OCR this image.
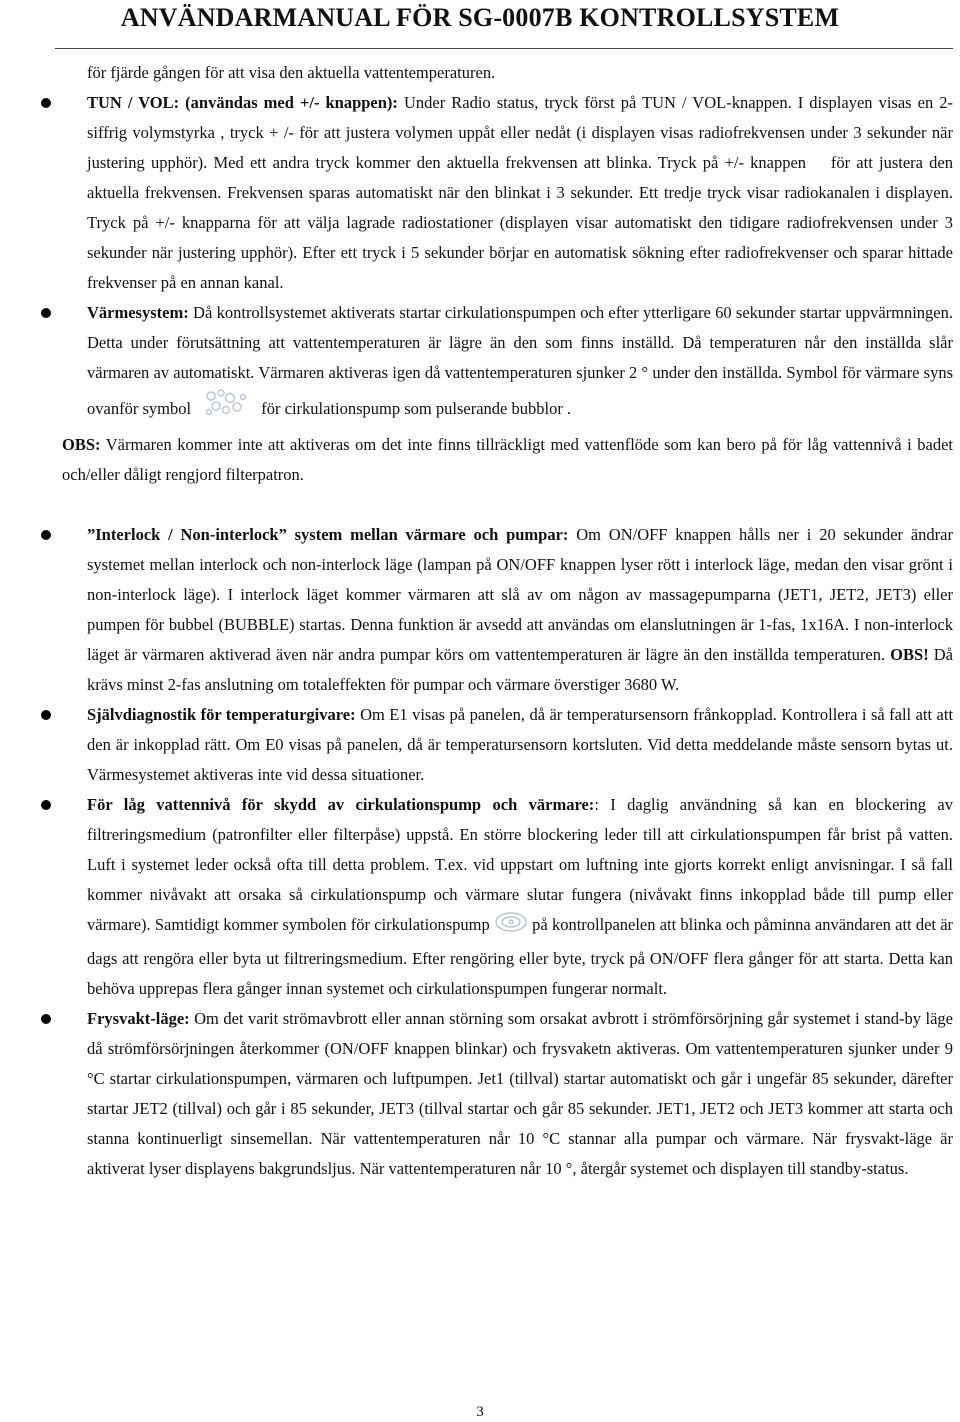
ANVÄNDARMANUAL FÖR SG-0007B KONTROLLSYSTEM

för fjärde gången för att visa den aktuella vattentemperaturen.

TUN / VOL: (användas med +/- knappen): Under Radio status, tryck först på TUN / VOL-knappen. I displayen visas en 2-siffrig volymstyrka , tryck + /- för att justera volymen uppåt eller nedåt (i displayen visas radiofrekvensen under 3 sekunder när justering upphör). Med ett andra tryck kommer den aktuella frekvensen att blinka. Tryck på +/- knappen för att justera den aktuella frekvensen. Frekvensen sparas automatiskt när den blinkat i 3 sekunder. Ett tredje tryck visar radiokanalen i displayen. Tryck på +/- knapparna för att välja lagrade radiostationer (displayen visar automatiskt den tidigare radiofrekvensen under 3 sekunder när justering upphör). Efter ett tryck i 5 sekunder börjar en automatisk sökning efter radiofrekvenser och sparar hittade frekvenser på en annan kanal.

Värmesystem: Då kontrollsystemet aktiverats startar cirkulationspumpen och efter ytterligare 60 sekunder startar uppvärmningen. Detta under förutsättning att vattentemperaturen är lägre än den som finns inställd. Då temperaturen når den inställda slår värmaren av automatiskt. Värmaren aktiveras igen då vattentemperaturen sjunker 2 ° under den inställda. Symbol för värmare syns ovanför symbol	för cirkulationspump som pulserande bubblor .

OBS: Värmaren kommer inte att aktiveras om det inte finns tillräckligt med vattenflöde som kan bero på för låg vattennivå i badet och/eller dåligt rengjord filterpatron.

”Interlock / Non-interlock” system mellan värmare och pumpar: Om ON/OFF knappen hålls ner i 20 sekunder ändrar systemet mellan interlock och non-interlock läge (lampan på ON/OFF knappen lyser rött i interlock läge, medan den visar grönt i non-interlock läge). I interlock läget kommer värmaren att slå av om någon av massagepumparna (JET1, JET2, JET3) eller pumpen för bubbel (BUBBLE) startas. Denna funktion är avsedd att användas om elanslutningen är 1-fas, 1x16A. I non-interlock läget är värmaren aktiverad även när andra pumpar körs om vattentemperaturen är lägre än den inställda temperaturen. OBS! Då krävs minst 2-fas anslutning om totaleffekten för pumpar och värmare överstiger 3680 W.

Självdiagnostik för temperaturgivare: Om E1 visas på panelen, då är temperatursensorn frånkopplad. Kontrollera i så fall att att den är inkopplad rätt. Om E0 visas på panelen, då är temperatursensorn kortsluten. Vid detta meddelande måste sensorn bytas ut. Värmesystemet aktiveras inte vid dessa situationer.

För låg vattennivå för skydd av cirkulationspump och värmare:: I daglig användning så kan en blockering av filtreringsmedium (patronfilter eller filterpåse) uppstå. En större blockering leder till att cirkulationspumpen får brist på vatten. Luft i systemet leder också ofta till detta problem. T.ex. vid uppstart om luftning inte gjorts korrekt enligt anvisningar. I så fall kommer nivåvakt att orsaka så cirkulationspump och värmare slutar fungera (nivåvakt finns inkopplad både till pump eller värmare). Samtidigt kommer symbolen för cirkulationspump	på kontrollpanelen att blinka och påminna användaren att det är dags att rengöra eller byta ut filtreringsmedium. Efter rengöring eller byte, tryck på ON/OFF flera gånger för att starta. Detta kan behöva upprepas flera gånger innan systemet och cirkulationspumpen fungerar normalt.

Frysvakt-läge: Om det varit strömavbrott eller annan störning som orsakat avbrott i strömförsörjning går systemet i stand-by läge då strömförsörjningen återkommer (ON/OFF knappen blinkar) och frysvaketn aktiveras. Om vattentemperaturen sjunker under 9 °C startar cirkulationspumpen, värmaren och luftpumpen. Jet1 (tillval) startar automatiskt och går i ungefär 85 sekunder, därefter startar JET2 (tillval) och går i 85 sekunder, JET3 (tillval startar och går 85 sekunder. JET1, JET2 och JET3 kommer att starta och stanna kontinuerligt sinsemellan. När vattentemperaturen når 10 °C stannar alla pumpar och värmare. När frysvakt-läge är aktiverat lyser displayens bakgrundsljus. När vattentemperaturen når 10 °, återgår systemet och displayen till standby-status.

3
